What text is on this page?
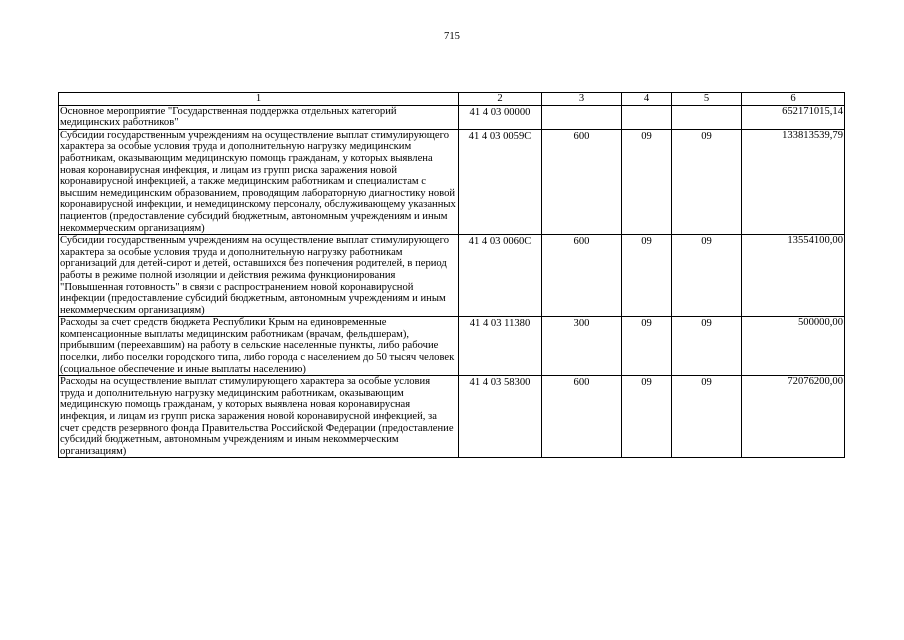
715
1	2	3	4	5	6
Основное мероприятие "Государственная поддержка отдельных категорий медицинских работников"	41 4 03 00000				652171015,14
Субсидии государственным учреждениям на осуществление выплат стимулирующего характера за особые условия труда и дополнительную нагрузку медицинским работникам, оказывающим медицинскую помощь гражданам, у которых выявлена новая коронавирусная инфекция, и лицам из групп риска заражения новой коронавирусной инфекцией, а также медицинским работникам и специалистам с высшим немедицинским образованием, проводящим лабораторную диагностику новой коронавирусной инфекции, и немедицинскому персоналу, обслуживающему указанных пациентов (предоставление субсидий бюджетным, автономным учреждениям и иным некоммерческим организациям)	41 4 03 0059С	600	09	09	133813539,79
Субсидии государственным учреждениям на осуществление выплат стимулирующего характера за особые условия труда и дополнительную нагрузку работникам организаций для детей-сирот и детей, оставшихся без попечения родителей, в период работы в режиме полной изоляции и действия режима функционирования "Повышенная готовность" в связи с распространением новой коронавирусной инфекции (предоставление субсидий бюджетным, автономным учреждениям и иным некоммерческим организациям)	41 4 03 0060С	600	09	09	13554100,00
Расходы за счет средств бюджета Республики Крым на единовременные компенсационные выплаты медицинским работникам (врачам, фельдшерам), прибывшим (переехавшим) на работу в сельские населенные пункты, либо рабочие поселки, либо поселки городского типа, либо города с населением до 50 тысяч человек (социальное обеспечение и иные выплаты населению)	41 4 03 11380	300	09	09	500000,00
Расходы на осуществление выплат стимулирующего характера за особые условия труда и дополнительную нагрузку медицинским работникам, оказывающим медицинскую помощь гражданам, у которых выявлена новая коронавирусная инфекция, и лицам из групп риска заражения новой коронавирусной инфекцией, за счет средств резервного фонда Правительства Российской Федерации (предоставление субсидий бюджетным, автономным учреждениям и иным некоммерческим организациям)	41 4 03 58300	600	09	09	72076200,00
